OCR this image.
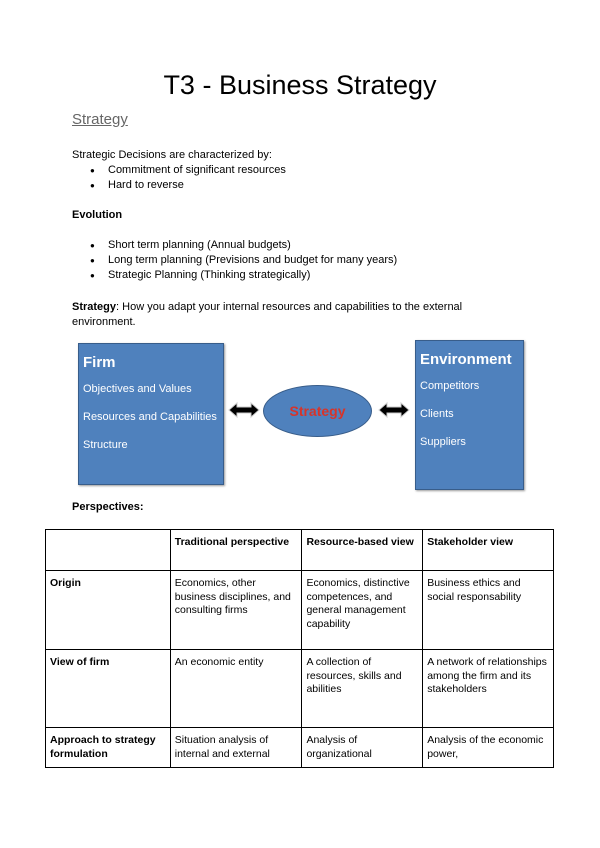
T3 - Business Strategy
Strategy
Strategic Decisions are characterized by:
● Commitment of significant resources
● Hard to reverse
Evolution
● Short term planning (Annual budgets)
● Long term planning (Previsions and budget for many years)
● Strategic Planning (Thinking strategically)
Strategy: How you adapt your internal resources and capabilities to the external environment.
Firm
Objectives and Values
Resources and Capabilities
Structure
Strategy
Environment
Competitors
Clients
Suppliers
Perspectives:
	Traditional perspective	Resource-based view	Stakeholder view
Origin	Economics, other business disciplines, and consulting firms	Economics, distinctive competences, and general management capability	Business ethics and social responsability
View of firm	An economic entity	A collection of resources, skills and abilities	A network of relationships among the firm and its stakeholders
Approach to strategy formulation	Situation analysis of internal and external	Analysis of organizational	Analysis of the economic power,
